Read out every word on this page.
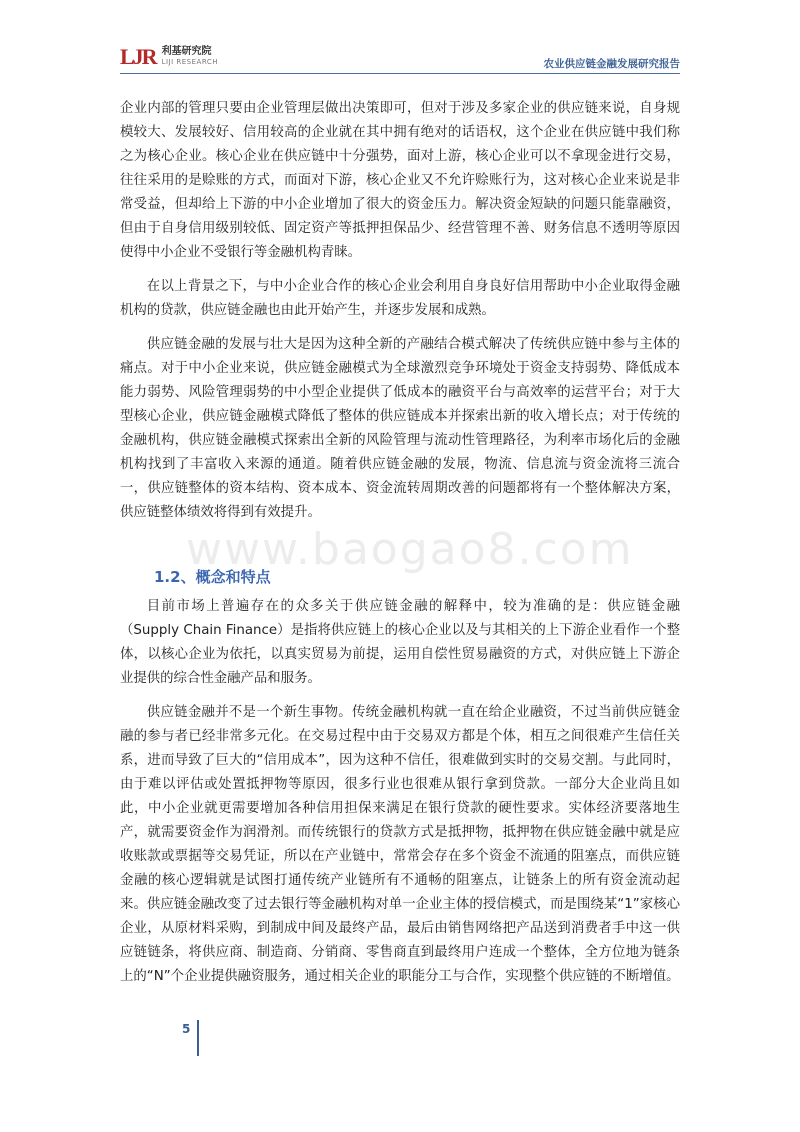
LJR 利基研究院
LIJI RESEARCH	农业供应链金融发展研究报告
www.baogao8.com

企业内部的管理只要由企业管理层做出决策即可，但对于涉及多家企业的供应链来说，自身规模较大、发展较好、信用较高的企业就在其中拥有绝对的话语权，这个企业在供应链中我们称之为核心企业。核心企业在供应链中十分强势，面对上游，核心企业可以不拿现金进行交易，往往采用的是赊账的方式，而面对下游，核心企业又不允许赊账行为，这对核心企业来说是非常受益，但却给上下游的中小企业增加了很大的资金压力。解决资金短缺的问题只能靠融资，但由于自身信用级别较低、固定资产等抵押担保品少、经营管理不善、财务信息不透明等原因使得中小企业不受银行等金融机构青睐。

在以上背景之下，与中小企业合作的核心企业会利用自身良好信用帮助中小企业取得金融机构的贷款，供应链金融也由此开始产生，并逐步发展和成熟。

供应链金融的发展与壮大是因为这种全新的产融结合模式解决了传统供应链中参与主体的痛点。对于中小企业来说，供应链金融模式为全球激烈竞争环境处于资金支持弱势、降低成本能力弱势、风险管理弱势的中小型企业提供了低成本的融资平台与高效率的运营平台；对于大型核心企业，供应链金融模式降低了整体的供应链成本并探索出新的收入增长点；对于传统的金融机构，供应链金融模式探索出全新的风险管理与流动性管理路径，为利率市场化后的金融机构找到了丰富收入来源的通道。随着供应链金融的发展，物流、信息流与资金流将三流合一，供应链整体的资本结构、资本成本、资金流转周期改善的问题都将有一个整体解决方案，供应链整体绩效将得到有效提升。

1.2、概念和特点

目前市场上普遍存在的众多关于供应链金融的解释中，较为准确的是：供应链金融（Supply Chain Finance）是指将供应链上的核心企业以及与其相关的上下游企业看作一个整体，以核心企业为依托，以真实贸易为前提，运用自偿性贸易融资的方式，对供应链上下游企业提供的综合性金融产品和服务。

供应链金融并不是一个新生事物。传统金融机构就一直在给企业融资，不过当前供应链金融的参与者已经非常多元化。在交易过程中由于交易双方都是个体，相互之间很难产生信任关系，进而导致了巨大的“信用成本”，因为这种不信任，很难做到实时的交易交割。与此同时，由于难以评估或处置抵押物等原因，很多行业也很难从银行拿到贷款。一部分大企业尚且如此，中小企业就更需要增加各种信用担保来满足在银行贷款的硬性要求。实体经济要落地生产，就需要资金作为润滑剂。而传统银行的贷款方式是抵押物，抵押物在供应链金融中就是应收账款或票据等交易凭证，所以在产业链中，常常会存在多个资金不流通的阻塞点，而供应链金融的核心逻辑就是试图打通传统产业链所有不通畅的阻塞点，让链条上的所有资金流动起来。供应链金融改变了过去银行等金融机构对单一企业主体的授信模式，而是围绕某“1”家核心企业，从原材料采购，到制成中间及最终产品，最后由销售网络把产品送到消费者手中这一供应链链条，将供应商、制造商、分销商、零售商直到最终用户连成一个整体，全方位地为链条上的“N”个企业提供融资服务，通过相关企业的职能分工与合作，实现整个供应链的不断增值。

5
